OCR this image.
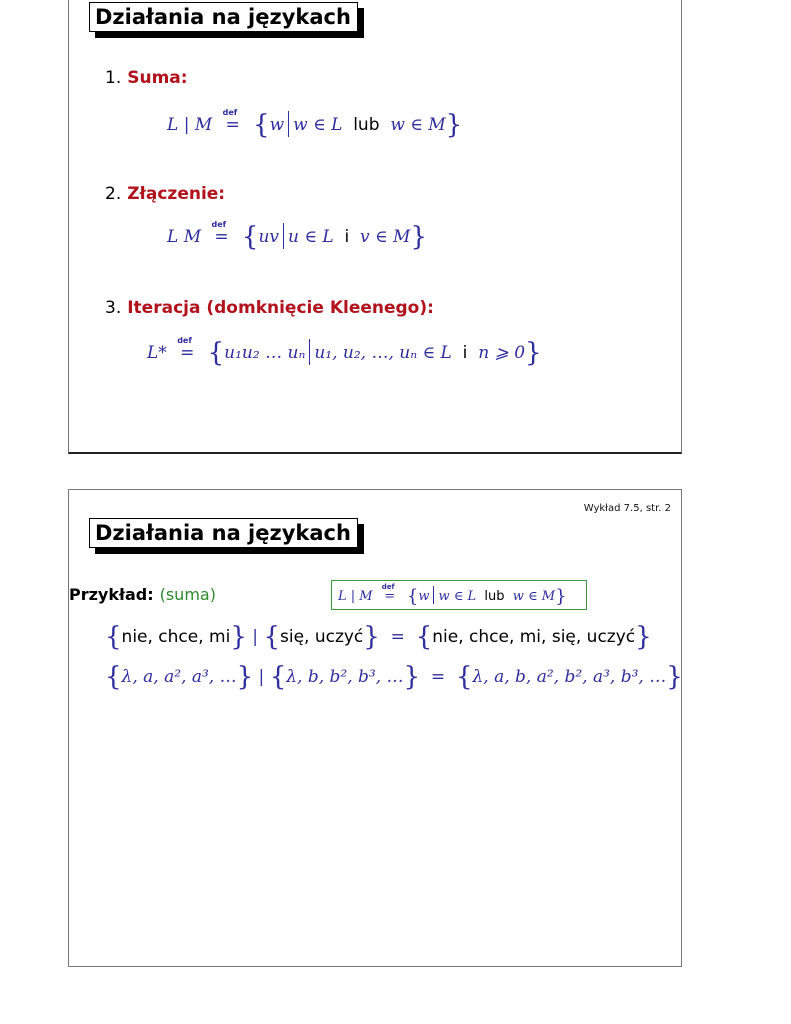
Działania na językach
1. Suma:
L | M
def
= {w w ∈ L lub w ∈ M}
2. Złączenie:
L M
def
= {uv u ∈ L i v ∈ M}
3. Iteracja (domknięcie Kleenego):
L*
def
= {u₁u₂ … uₙ u₁, u₂, …, uₙ ∈ L i n ⩾ 0}
Wykład 7.5, str. 2
Działania na językach
Przykład: (suma)	L | M
def
= {w w ∈ L lub w ∈ M}
{nie, chce, mi} | {się, uczyć}  =  {nie, chce, mi, się, uczyć}
{λ, a, a², a³, …} | {λ, b, b², b³, …}  =  {λ, a, b, a², b², a³, b³, …}
